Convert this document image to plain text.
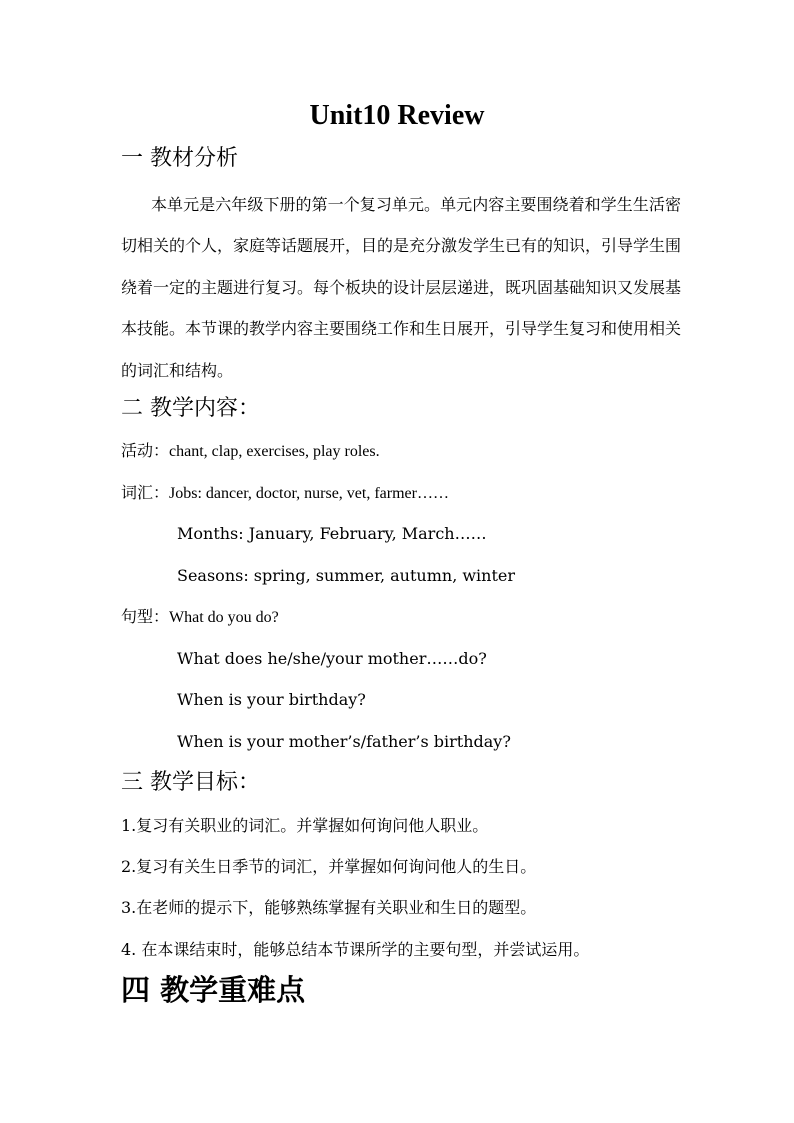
Unit10 Review
一 教材分析

本单元是六年级下册的第一个复习单元。单元内容主要围绕着和学生生活密切相关的个人，家庭等话题展开，目的是充分激发学生已有的知识，引导学生围绕着一定的主题进行复习。每个板块的设计层层递进，既巩固基础知识又发展基本技能。本节课的教学内容主要围绕工作和生日展开，引导学生复习和使用相关的词汇和结构。

二 教学内容：

活动：chant, clap, exercises, play roles.

词汇：Jobs: dancer, doctor, nurse, vet, farmer……

Months: January, February, March……

Seasons: spring, summer, autumn, winter

句型：What do you do?

What does he/she/your mother……do?

When is your birthday?

When is your mother’s/father’s birthday?

三 教学目标：

1.复习有关职业的词汇。并掌握如何询问他人职业。

2.复习有关生日季节的词汇，并掌握如何询问他人的生日。

3.在老师的提示下，能够熟练掌握有关职业和生日的题型。

4. 在本课结束时，能够总结本节课所学的主要句型，并尝试运用。

四 教学重难点
